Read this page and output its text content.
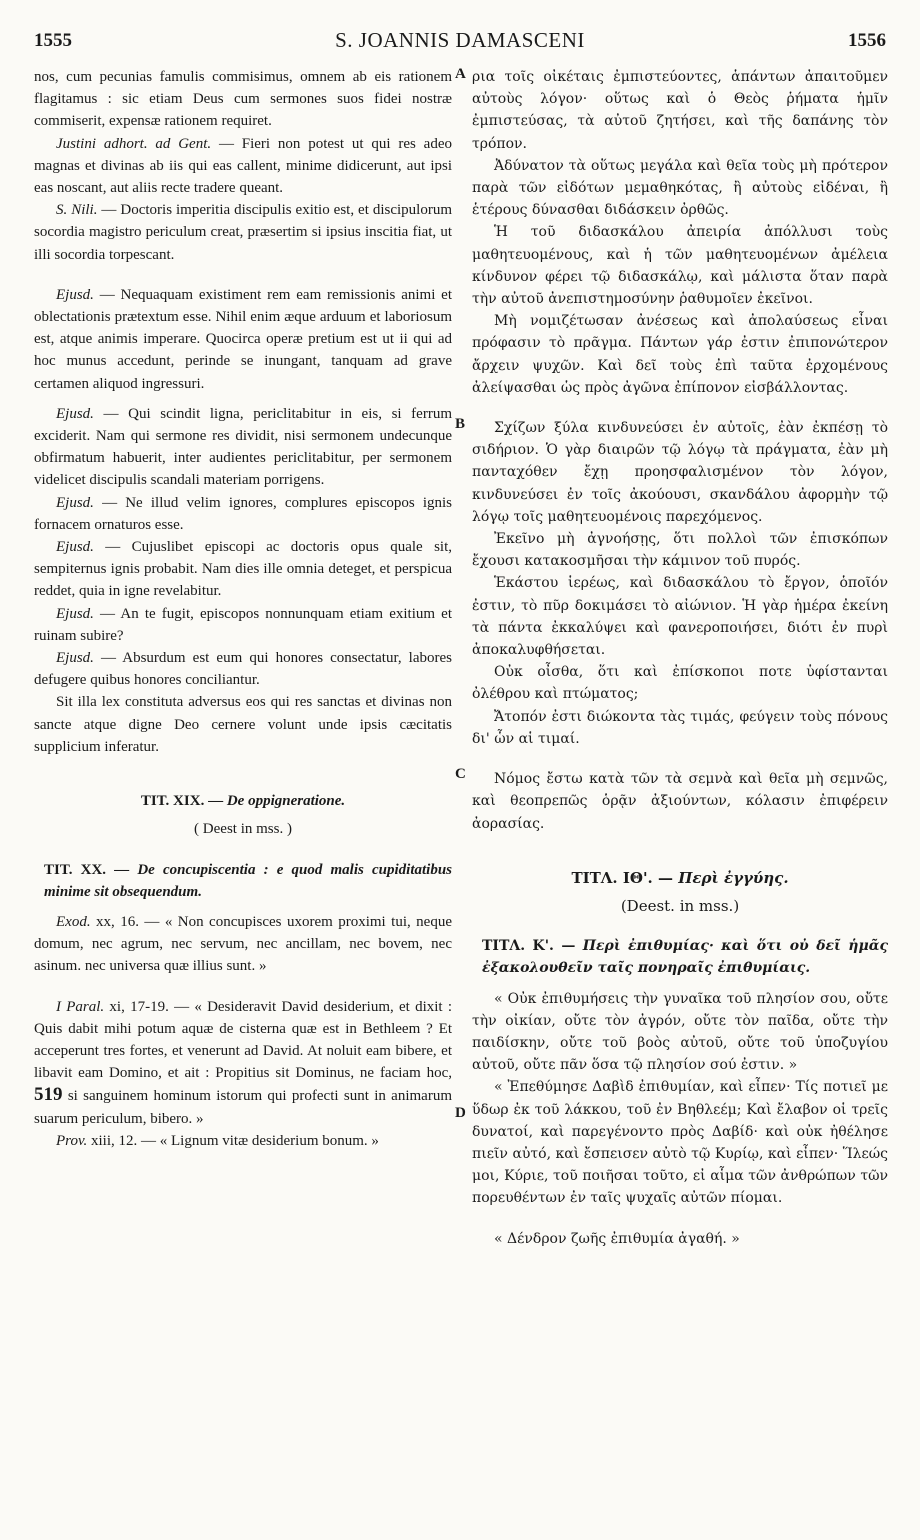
1555	S. JOANNIS DAMASCENI	1556
A
B
C
D

nos, cum pecunias famulis commisimus, omnem ab eis rationem flagitamus : sic etiam Deus cum sermones suos fidei nostræ commiserit, expensæ rationem requiret.

Justini adhort. ad Gent. — Fieri non potest ut qui res adeo magnas et divinas ab iis qui eas callent, minime didicerunt, aut ipsi eas noscant, aut aliis recte tradere queant.

S. Nili. — Doctoris imperitia discipulis exitio est, et discipulorum socordia magistro periculum creat, præsertim si ipsius inscitia fiat, ut illi socordia torpescant.

Ejusd. — Nequaquam existiment rem eam remissionis animi et oblectationis prætextum esse. Nihil enim æque arduum et laboriosum est, atque animis imperare. Quocirca operæ pretium est ut ii qui ad hoc munus accedunt, perinde se inungant, tanquam ad grave certamen aliquod ingressuri.

Ejusd. — Qui scindit ligna, periclitabitur in eis, si ferrum exciderit. Nam qui sermone res dividit, nisi sermonem undecunque obfirmatum habuerit, inter audientes periclitabitur, per sermonem videlicet discipulis scandali materiam porrigens.

Ejusd. — Ne illud velim ignores, complures episcopos ignis fornacem ornaturos esse.

Ejusd. — Cujuslibet episcopi ac doctoris opus quale sit, sempiternus ignis probabit. Nam dies ille omnia deteget, et perspicua reddet, quia in igne revelabitur.

Ejusd. — An te fugit, episcopos nonnunquam etiam exitium et ruinam subire?

Ejusd. — Absurdum est eum qui honores consectatur, labores defugere quibus honores conciliantur.

Sit illa lex constituta adversus eos qui res sanctas et divinas non sancte atque digne Deo cernere volunt unde ipsis cæcitatis supplicium inferatur.

TIT. XIX. — De oppigneratione.

( Deest in mss. )

TIT. XX. — De concupiscentia : e quod malis cupiditatibus minime sit obsequendum.

Exod. xx, 16. — « Non concupisces uxorem proximi tui, neque domum, nec agrum, nec servum, nec ancillam, nec bovem, nec asinum. nec universa quæ illius sunt. »

I Paral. xi, 17-19. — « Desideravit David desiderium, et dixit : Quis dabit mihi potum aquæ de cisterna quæ est in Bethleem ? Et acceperunt tres fortes, et venerunt ad David. At noluit eam bibere, et libavit eam Domino, et ait : Propitius sit Dominus, ne faciam hoc, 519 si sanguinem hominum istorum qui profecti sunt in animarum suarum periculum, bibero. »

Prov. xiii, 12. — « Lignum vitæ desiderium bonum. »

ρια τοῖς οἰκέταις ἐμπιστεύοντες, ἁπάντων ἀπαιτοῦμεν αὐτοὺς λόγον· οὕτως καὶ ὁ Θεὸς ῥήματα ἡμῖν ἐμπιστεύσας, τὰ αὐτοῦ ζητήσει, καὶ τῆς δαπάνης τὸν τρόπον.

Ἀδύνατον τὰ οὕτως μεγάλα καὶ θεῖα τοὺς μὴ πρότερον παρὰ τῶν εἰδότων μεμαθηκότας, ἢ αὐτοὺς εἰδέναι, ἢ ἑτέρους δύνασθαι διδάσκειν ὀρθῶς.

Ἡ τοῦ διδασκάλου ἀπειρία ἀπόλλυσι τοὺς μαθητευομένους, καὶ ἡ τῶν μαθητευομένων ἀμέλεια κίνδυνον φέρει τῷ διδασκάλῳ, καὶ μάλιστα ὅταν παρὰ τὴν αὐτοῦ ἀνεπιστημοσύνην ῥαθυμοῖεν ἐκεῖνοι.

Μὴ νομιζέτωσαν ἀνέσεως καὶ ἀπολαύσεως εἶναι πρόφασιν τὸ πρᾶγμα. Πάντων γάρ ἐστιν ἐπιπονώτερον ἄρχειν ψυχῶν. Καὶ δεῖ τοὺς ἐπὶ ταῦτα ἐρχομένους ἀλείψασθαι ὡς πρὸς ἀγῶνα ἐπίπονον εἰσβάλλοντας.

Σχίζων ξύλα κινδυνεύσει ἐν αὐτοῖς, ἐὰν ἐκπέσῃ τὸ σιδήριον. Ὁ γὰρ διαιρῶν τῷ λόγῳ τὰ πράγματα, ἐὰν μὴ πανταχόθεν ἔχῃ προησφαλισμένον τὸν λόγον, κινδυνεύσει ἐν τοῖς ἀκούουσι, σκανδάλου ἀφορμὴν τῷ λόγῳ τοῖς μαθητευομένοις παρεχόμενος.

Ἐκεῖνο μὴ ἀγνοήσῃς, ὅτι πολλοὶ τῶν ἐπισκόπων ἔχουσι κατακοσμῆσαι τὴν κάμινον τοῦ πυρός.

Ἑκάστου ἱερέως, καὶ διδασκάλου τὸ ἔργον, ὁποῖόν ἐστιν, τὸ πῦρ δοκιμάσει τὸ αἰώνιον. Ἡ γὰρ ἡμέρα ἐκείνη τὰ πάντα ἐκκαλύψει καὶ φανεροποιήσει, διότι ἐν πυρὶ ἀποκαλυφθήσεται.

Οὐκ οἶσθα, ὅτι καὶ ἐπίσκοποι ποτε ὑφίστανται ὀλέθρου καὶ πτώματος;

Ἄτοπόν ἐστι διώκοντα τὰς τιμάς, φεύγειν τοὺς πόνους δι' ὧν αἱ τιμαί.

Νόμος ἔστω κατὰ τῶν τὰ σεμνὰ καὶ θεῖα μὴ σεμνῶς, καὶ θεοπρεπῶς ὁρᾷν ἀξιούντων, κόλασιν ἐπιφέρειν ἀορασίας.

ΤΙΤΛ. ΙΘ'. — Περὶ ἐγγύης.

(Deest. in mss.)

ΤΙΤΛ. Κ'. — Περὶ ἐπιθυμίας· καὶ ὅτι οὐ δεῖ ἡμᾶς ἐξακολουθεῖν ταῖς πονηραῖς ἐπιθυμίαις.

« Οὐκ ἐπιθυμήσεις τὴν γυναῖκα τοῦ πλησίον σου, οὔτε τὴν οἰκίαν, οὔτε τὸν ἀγρόν, οὔτε τὸν παῖδα, οὔτε τὴν παιδίσκην, οὔτε τοῦ βοὸς αὐτοῦ, οὔτε τοῦ ὑποζυγίου αὐτοῦ, οὔτε πᾶν ὅσα τῷ πλησίον σού ἐστιν. »

« Ἐπεθύμησε Δαβὶδ ἐπιθυμίαν, καὶ εἶπεν· Τίς ποτιεῖ με ὕδωρ ἐκ τοῦ λάκκου, τοῦ ἐν Βηθλεέμ; Καὶ ἔλαβον οἱ τρεῖς δυνατοί, καὶ παρεγένοντο πρὸς Δαβίδ· καὶ οὐκ ἠθέλησε πιεῖν αὐτό, καὶ ἔσπεισεν αὐτὸ τῷ Κυρίῳ, καὶ εἶπεν· Ἵλεώς μοι, Κύριε, τοῦ ποιῆσαι τοῦτο, εἰ αἷμα τῶν ἀνθρώπων τῶν πορευθέντων ἐν ταῖς ψυχαῖς αὐτῶν πίομαι.

« Δένδρον ζωῆς ἐπιθυμία ἀγαθή. »
